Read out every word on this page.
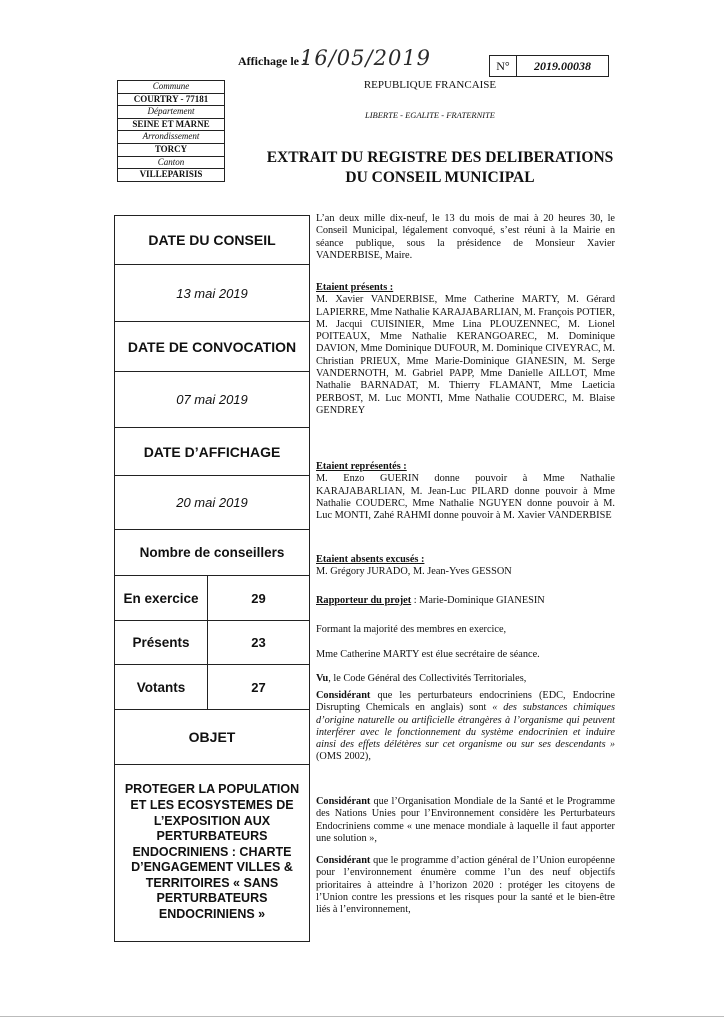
Affichage le :
16/05/2019	N°	2019.00038
REPUBLIQUE FRANCAISE
LIBERTE - EGALITE - FRATERNITE
Commune
COURTRY - 77181
Département
SEINE ET MARNE
Arrondissement
TORCY
Canton
VILLEPARISIS
EXTRAIT DU REGISTRE DES DELIBERATIONS
DU CONSEIL MUNICIPAL
DATE DU CONSEIL
13 mai 2019
DATE DE CONVOCATION
07 mai 2019
DATE D’AFFICHAGE
20 mai 2019
Nombre de conseillers
En exercice	29
Présents	23
Votants	27
OBJET
PROTEGER LA POPULATION ET LES ECOSYSTEMES DE L’EXPOSITION AUX PERTURBATEURS ENDOCRINIENS : CHARTE D’ENGAGEMENT VILLES & TERRITOIRES « SANS PERTURBATEURS ENDOCRINIENS »

L’an deux mille dix-neuf, le 13 du mois de mai à 20 heures 30, le Conseil Municipal, légalement convoqué, s’est réuni à la Mairie en séance publique, sous la présidence de Monsieur Xavier VANDERBISE, Maire.

Etaient présents :

M. Xavier VANDERBISE, Mme Catherine MARTY, M. Gérard LAPIERRE, Mme Nathalie KARAJABARLIAN, M. François POTIER, M. Jacqui CUISINIER, Mme Lina PLOUZENNEC, M. Lionel POITEAUX, Mme Nathalie KERANGOAREC, M. Dominique DAVION, Mme Dominique DUFOUR, M. Dominique CIVEYRAC, M. Christian PRIEUX, Mme Marie-Dominique GIANESIN, M. Serge VANDERNOTH, M. Gabriel PAPP, Mme Danielle AILLOT, Mme Nathalie BARNADAT, M. Thierry FLAMANT, Mme Laeticia PERBOST, M. Luc MONTI, Mme Nathalie COUDERC, M. Blaise GENDREY

Etaient représentés :

M. Enzo GUERIN donne pouvoir à Mme Nathalie KARAJABARLIAN, M. Jean-Luc PILARD donne pouvoir à Mme Nathalie COUDERC, Mme Nathalie NGUYEN donne pouvoir à M. Luc MONTI, Zahé RAHMI donne pouvoir à M. Xavier VANDERBISE

Etaient absents excusés :

M. Grégory JURADO, M. Jean-Yves GESSON

Rapporteur du projet : Marie-Dominique GIANESIN

Formant la majorité des membres en exercice,

Mme Catherine MARTY est élue secrétaire de séance.

Vu, le Code Général des Collectivités Territoriales,

Considérant que les perturbateurs endocriniens (EDC, Endocrine Disrupting Chemicals en anglais) sont « des substances chimiques d’origine naturelle ou artificielle étrangères à l’organisme qui peuvent interférer avec le fonctionnement du système endocrinien et induire ainsi des effets délétères sur cet organisme ou sur ses descendants » (OMS 2002),

Considérant que l’Organisation Mondiale de la Santé et le Programme des Nations Unies pour l’Environnement considère les Perturbateurs Endocriniens comme « une menace mondiale à laquelle il faut apporter une solution »,

Considérant que le programme d’action général de l’Union européenne pour l’environnement énumère comme l’un des neuf objectifs prioritaires à atteindre à l’horizon 2020 : protéger les citoyens de l’Union contre les pressions et les risques pour la santé et le bien-être liés à l’environnement,
